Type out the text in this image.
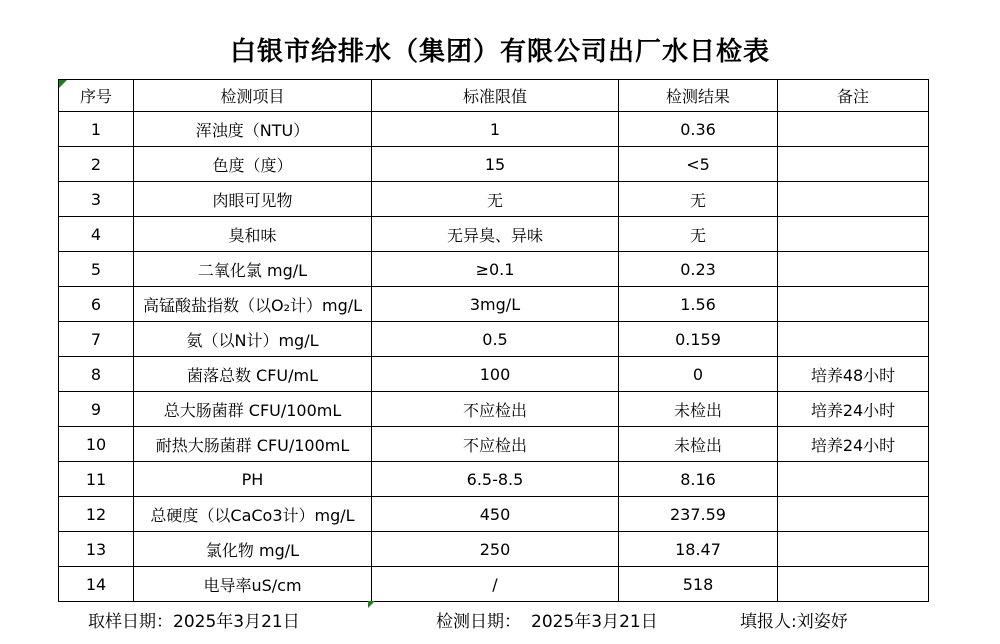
白银市给排水（集团）有限公司出厂水日检表
序号	检测项目	标准限值	检测结果	备注
1	浑浊度（NTU）	1	0.36	
2	色度（度）	15	<5	
3	肉眼可见物	无	无	
4	臭和味	无异臭、异味	无	
5	二氧化氯 mg/L	≥0.1	0.23	
6	高锰酸盐指数（以O₂计）mg/L	3mg/L	1.56	
7	氨（以N计）mg/L	0.5	0.159	
8	菌落总数 CFU/mL	100	0	培养48小时
9	总大肠菌群 CFU/100mL	不应检出	未检出	培养24小时
10	耐热大肠菌群 CFU/100mL	不应检出	未检出	培养24小时
11	PH	6.5-8.5	8.16	
12	总硬度（以CaCo3计）mg/L	450	237.59	
13	氯化物 mg/L	250	18.47	
14	电导率uS/cm	/	518	
取样日期：2025年3月21日	检测日期： 2025年3月21日	填报人:刘姿妤
